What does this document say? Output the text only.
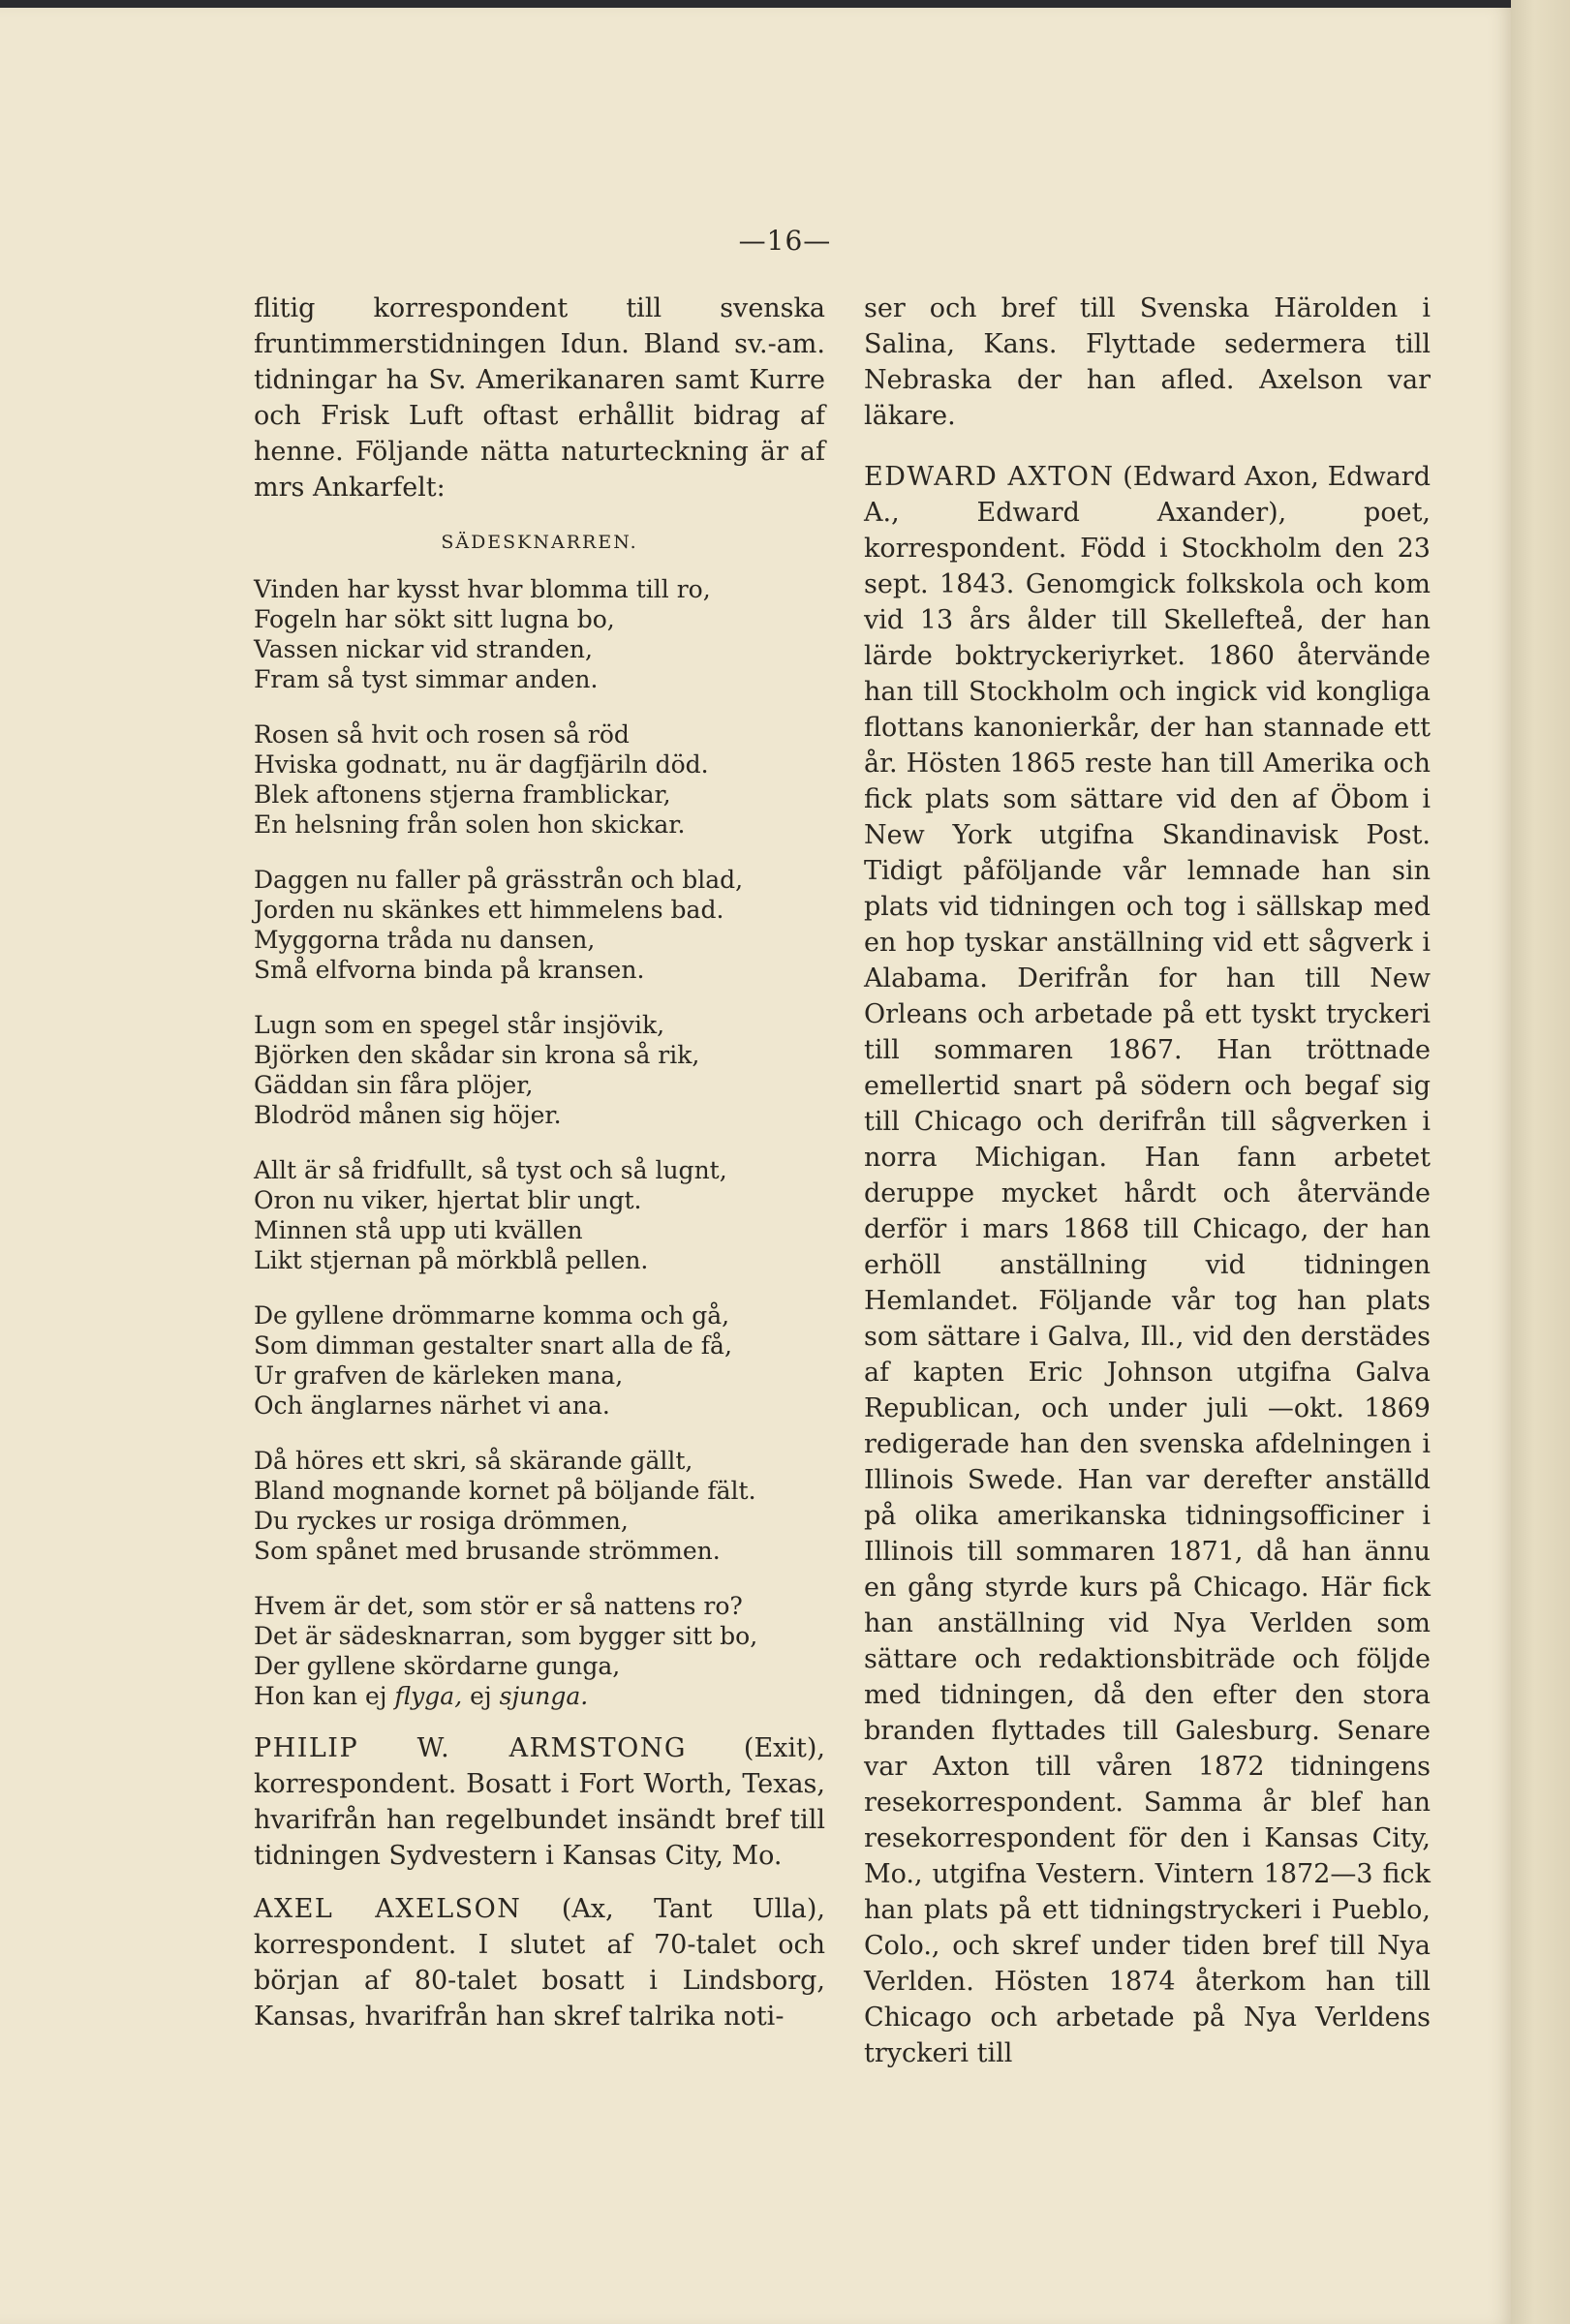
—16—

flitig korrespondent till svenska fruntimmerstidningen Idun. Bland sv.-am. tidningar ha Sv. Amerikanaren samt Kurre och Frisk Luft oftast erhållit bidrag af henne. Följande nätta naturteckning är af mrs Ankarfelt:

SÄDESKNARREN.
Vinden har kysst hvar blomma till ro,
Fogeln har sökt sitt lugna bo,
Vassen nickar vid stranden,
Fram så tyst simmar anden.
Rosen så hvit och rosen så röd
Hviska godnatt, nu är dagfjäriln död.
Blek aftonens stjerna framblickar,
En helsning från solen hon skickar.
Daggen nu faller på grässtrån och blad,
Jorden nu skänkes ett himmelens bad.
Myggorna tråda nu dansen,
Små elfvorna binda på kransen.
Lugn som en spegel står insjövik,
Björken den skådar sin krona så rik,
Gäddan sin fåra plöjer,
Blodröd månen sig höjer.
Allt är så fridfullt, så tyst och så lugnt,
Oron nu viker, hjertat blir ungt.
Minnen stå upp uti kvällen
Likt stjernan på mörkblå pellen.
De gyllene drömmarne komma och gå,
Som dimman gestalter snart alla de få,
Ur grafven de kärleken mana,
Och änglarnes närhet vi ana.
Då höres ett skri, så skärande gällt,
Bland mognande kornet på böljande fält.
Du ryckes ur rosiga drömmen,
Som spånet med brusande strömmen.
Hvem är det, som stör er så nattens ro?
Det är sädesknarran, som bygger sitt bo,
Der gyllene skördarne gunga,
Hon kan ej flyga, ej sjunga.

PHILIP W. ARMSTONG (Exit), korrespondent. Bosatt i Fort Worth, Texas, hvarifrån han regelbundet insändt bref till tidningen Sydvestern i Kansas City, Mo.

AXEL AXELSON (Ax, Tant Ulla), korrespondent. I slutet af 70-talet och början af 80-talet bosatt i Lindsborg, Kansas, hvarifrån han skref talrika noti-

ser och bref till Svenska Härolden i Salina, Kans. Flyttade sedermera till Nebraska der han afled. Axelson var läkare.

EDWARD AXTON (Edward Axon, Edward A., Edward Axander), poet, korrespondent. Född i Stockholm den 23 sept. 1843. Genomgick folkskola och kom vid 13 års ålder till Skellefteå, der han lärde boktryckeriyrket. 1860 återvände han till Stockholm och ingick vid kongliga flottans kanonierkår, der han stannade ett år. Hösten 1865 reste han till Amerika och fick plats som sättare vid den af Öbom i New York utgifna Skandinavisk Post. Tidigt påföljande vår lemnade han sin plats vid tidningen och tog i sällskap med en hop tyskar anställning vid ett sågverk i Alabama. Derifrån for han till New Orleans och arbetade på ett tyskt tryckeri till sommaren 1867. Han tröttnade emellertid snart på södern och begaf sig till Chicago och derifrån till sågverken i norra Michigan. Han fann arbetet deruppe mycket hårdt och återvände derför i mars 1868 till Chicago, der han erhöll anställning vid tidningen Hemlandet. Följande vår tog han plats som sättare i Galva, Ill., vid den derstädes af kapten Eric Johnson utgifna Galva Republican, och under juli —okt. 1869 redigerade han den svenska afdelningen i Illinois Swede. Han var derefter anställd på olika amerikanska tidningsofficiner i Illinois till sommaren 1871, då han ännu en gång styrde kurs på Chicago. Här fick han anställning vid Nya Verlden som sättare och redaktionsbiträde och följde med tidningen, då den efter den stora branden flyttades till Galesburg. Senare var Axton till våren 1872 tidningens resekorrespondent. Samma år blef han resekorrespondent för den i Kansas City, Mo., utgifna Vestern. Vintern 1872—3 fick han plats på ett tidningstryckeri i Pueblo, Colo., och skref under tiden bref till Nya Verlden. Hösten 1874 återkom han till Chicago och arbetade på Nya Verldens tryckeri till
